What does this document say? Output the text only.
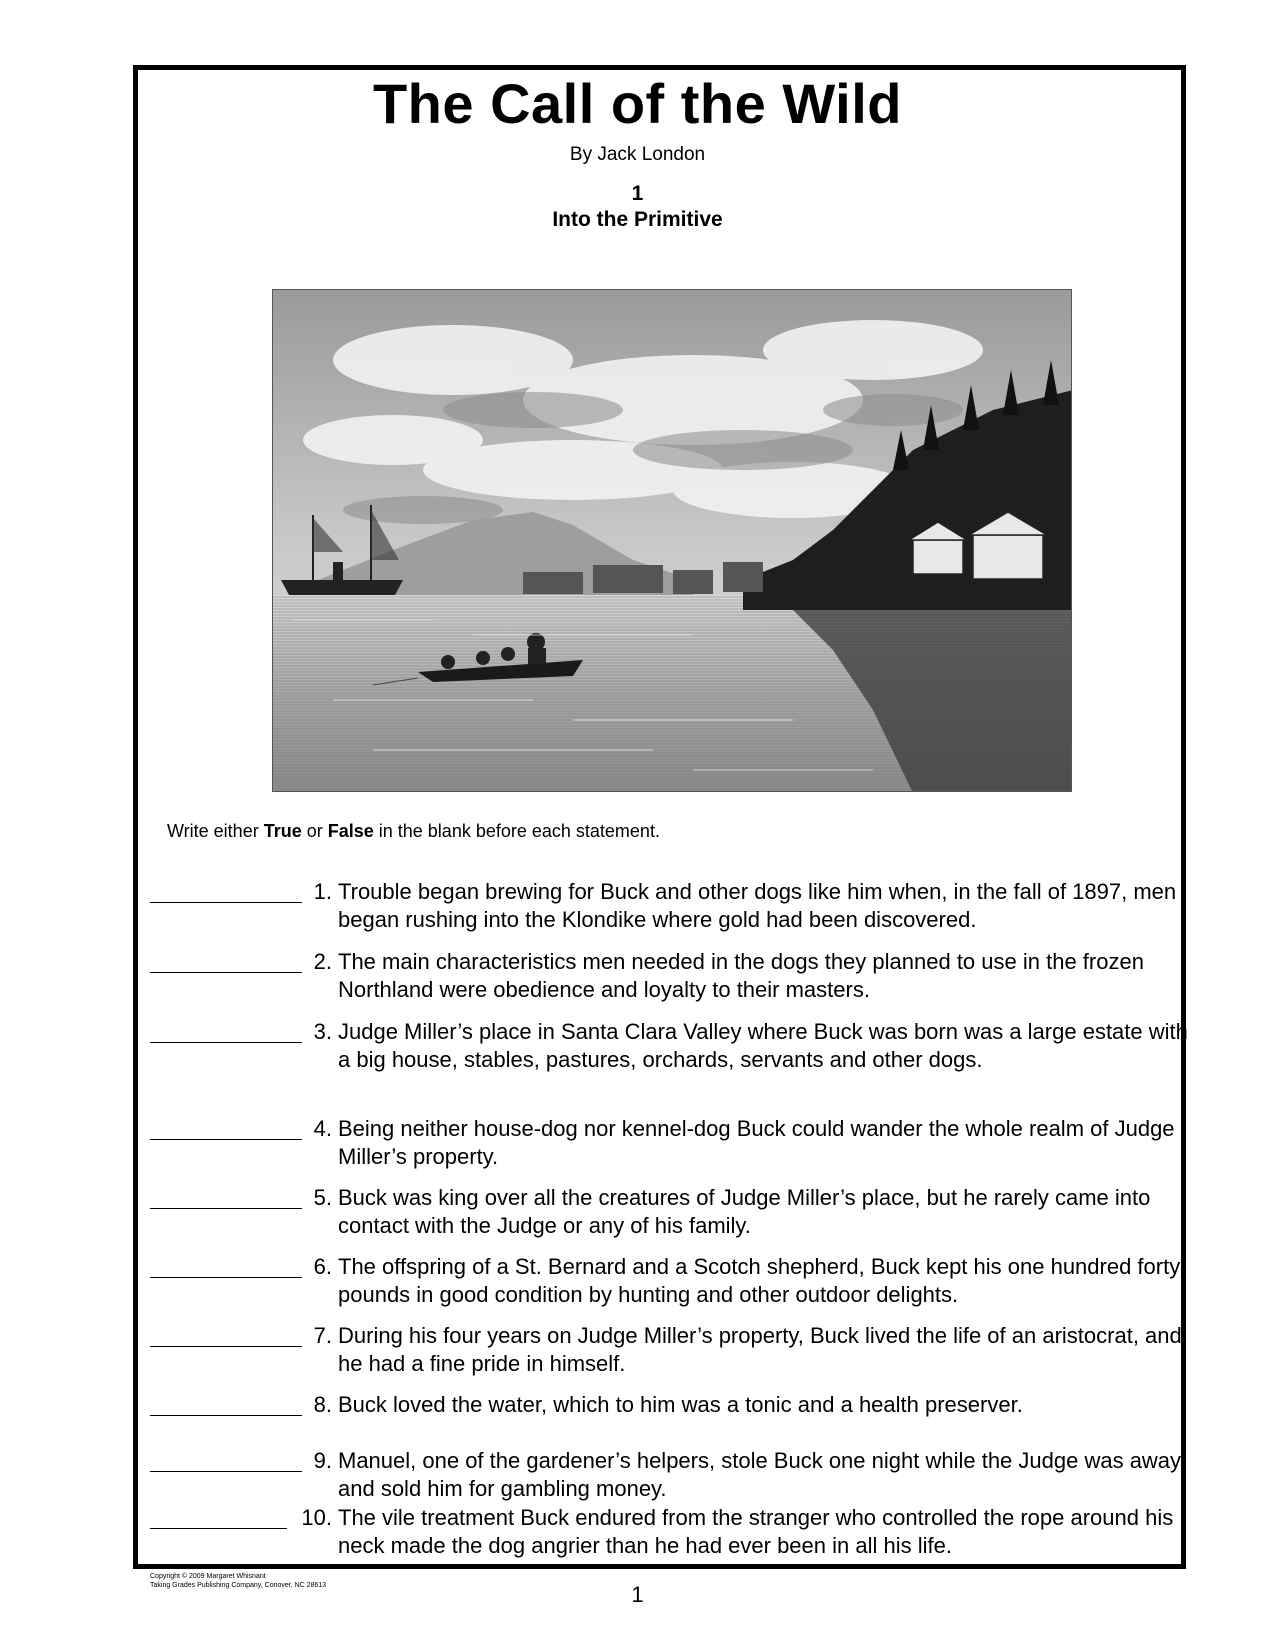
The Call of the Wild
By Jack London
1
Into the Primitive
Write either True or False in the blank before each statement.
1. Trouble began brewing for Buck and other dogs like him when, in the fall of 1897, men began rushing into the Klondike where gold had been discovered.
2. The main characteristics men needed in the dogs they planned to use in the frozen Northland were obedience and loyalty to their masters.
3. Judge Miller’s place in Santa Clara Valley where Buck was born was a large estate with a big house, stables, pastures, orchards, servants and other dogs.
4. Being neither house-dog nor kennel-dog Buck could wander the whole realm of Judge Miller’s property.
5. Buck was king over all the creatures of Judge Miller’s place, but he rarely came into contact with the Judge or any of his family.
6. The offspring of a St. Bernard and a Scotch shepherd, Buck kept his one hundred forty pounds in good condition by hunting and other outdoor delights.
7. During his four years on Judge Miller’s property, Buck lived the life of an aristocrat, and he had a fine pride in himself.
8. Buck loved the water, which to him was a tonic and a health preserver.
9. Manuel, one of the gardener’s helpers, stole Buck one night while the Judge was away and sold him for gambling money.
10. The vile treatment Buck endured from the stranger who controlled the rope around his neck made the dog angrier than he had ever been in all his life.
Copyright © 2009 Margaret Whisnant
Taking Grades Publishing Company, Conover, NC 28613	1
